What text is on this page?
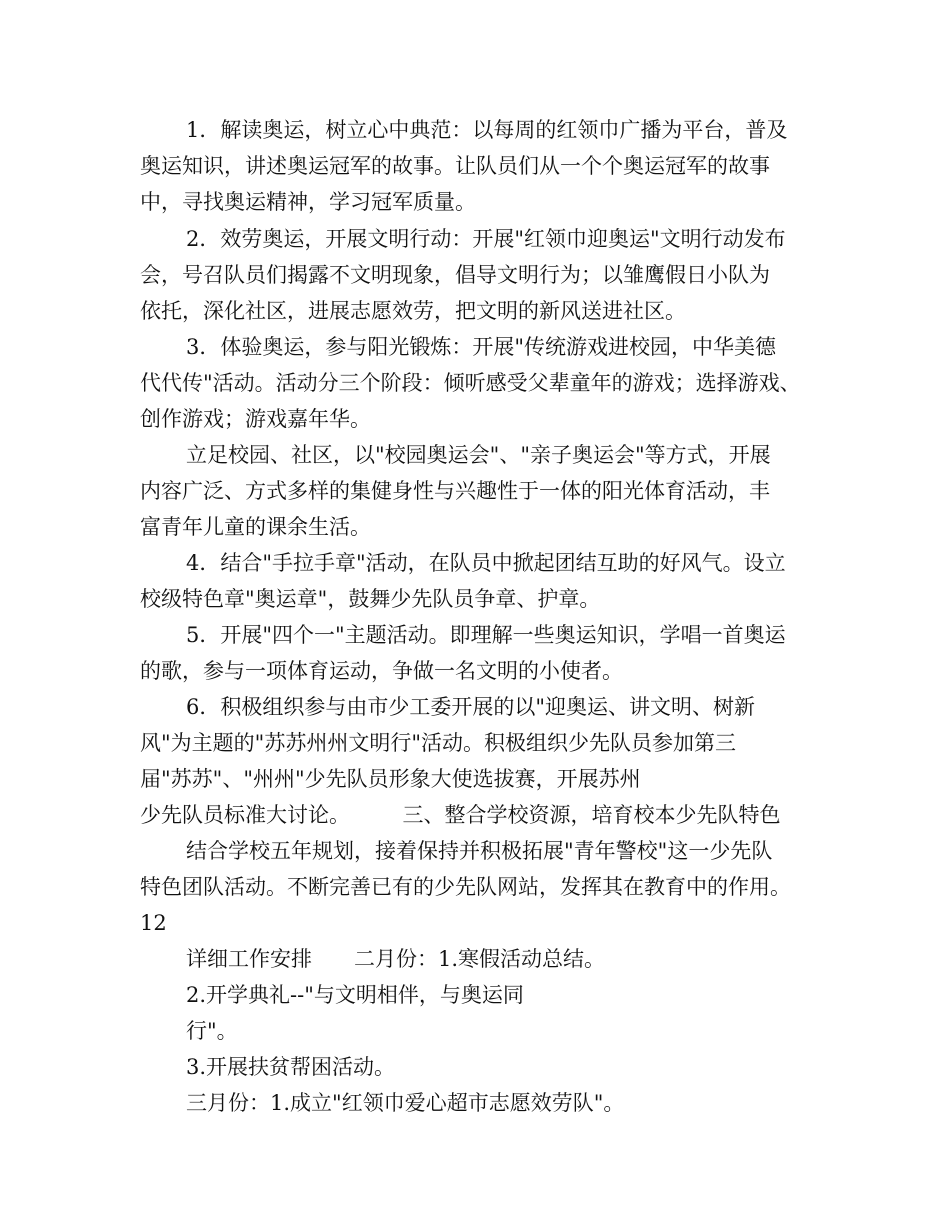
1．解读奥运，树立心中典范：以每周的红领巾广播为平台，普及
奥运知识，讲述奥运冠军的故事。让队员们从一个个奥运冠军的故事
中，寻找奥运精神，学习冠军质量。
2．效劳奥运，开展文明行动：开展"红领巾迎奥运"文明行动发布
会，号召队员们揭露不文明现象，倡导文明行为；以雏鹰假日小队为
依托，深化社区，进展志愿效劳，把文明的新风送进社区。
3．体验奥运，参与阳光锻炼：开展"传统游戏进校园，中华美德
代代传"活动。活动分三个阶段：倾听感受父辈童年的游戏；选择游戏、
创作游戏；游戏嘉年华。
立足校园、社区，以"校园奥运会"、"亲子奥运会"等方式，开展
内容广泛、方式多样的集健身性与兴趣性于一体的阳光体育活动，丰
富青年儿童的课余生活。
4．结合"手拉手章"活动，在队员中掀起团结互助的好风气。设立
校级特色章"奥运章"，鼓舞少先队员争章、护章。
5．开展"四个一"主题活动。即理解一些奥运知识，学唱一首奥运
的歌，参与一项体育运动，争做一名文明的小使者。
6．积极组织参与由市少工委开展的以"迎奥运、讲文明、树新
风"为主题的"苏苏州州文明行"活动。积极组织少先队员参加第三
届"苏苏"、"州州"少先队员形象大使选拔赛，开展苏州
少先队员标准大讨论。　　　三、整合学校资源，培育校本少先队特色
结合学校五年规划，接着保持并积极拓展"青年警校"这一少先队
特色团队活动。不断完善已有的少先队网站，发挥其在教育中的作用。
12
详细工作安排　　二月份：1.寒假活动总结。
2.开学典礼--"与文明相伴，与奥运同
行"。
3.开展扶贫帮困活动。
三月份：1.成立"红领巾爱心超市志愿效劳队"。
